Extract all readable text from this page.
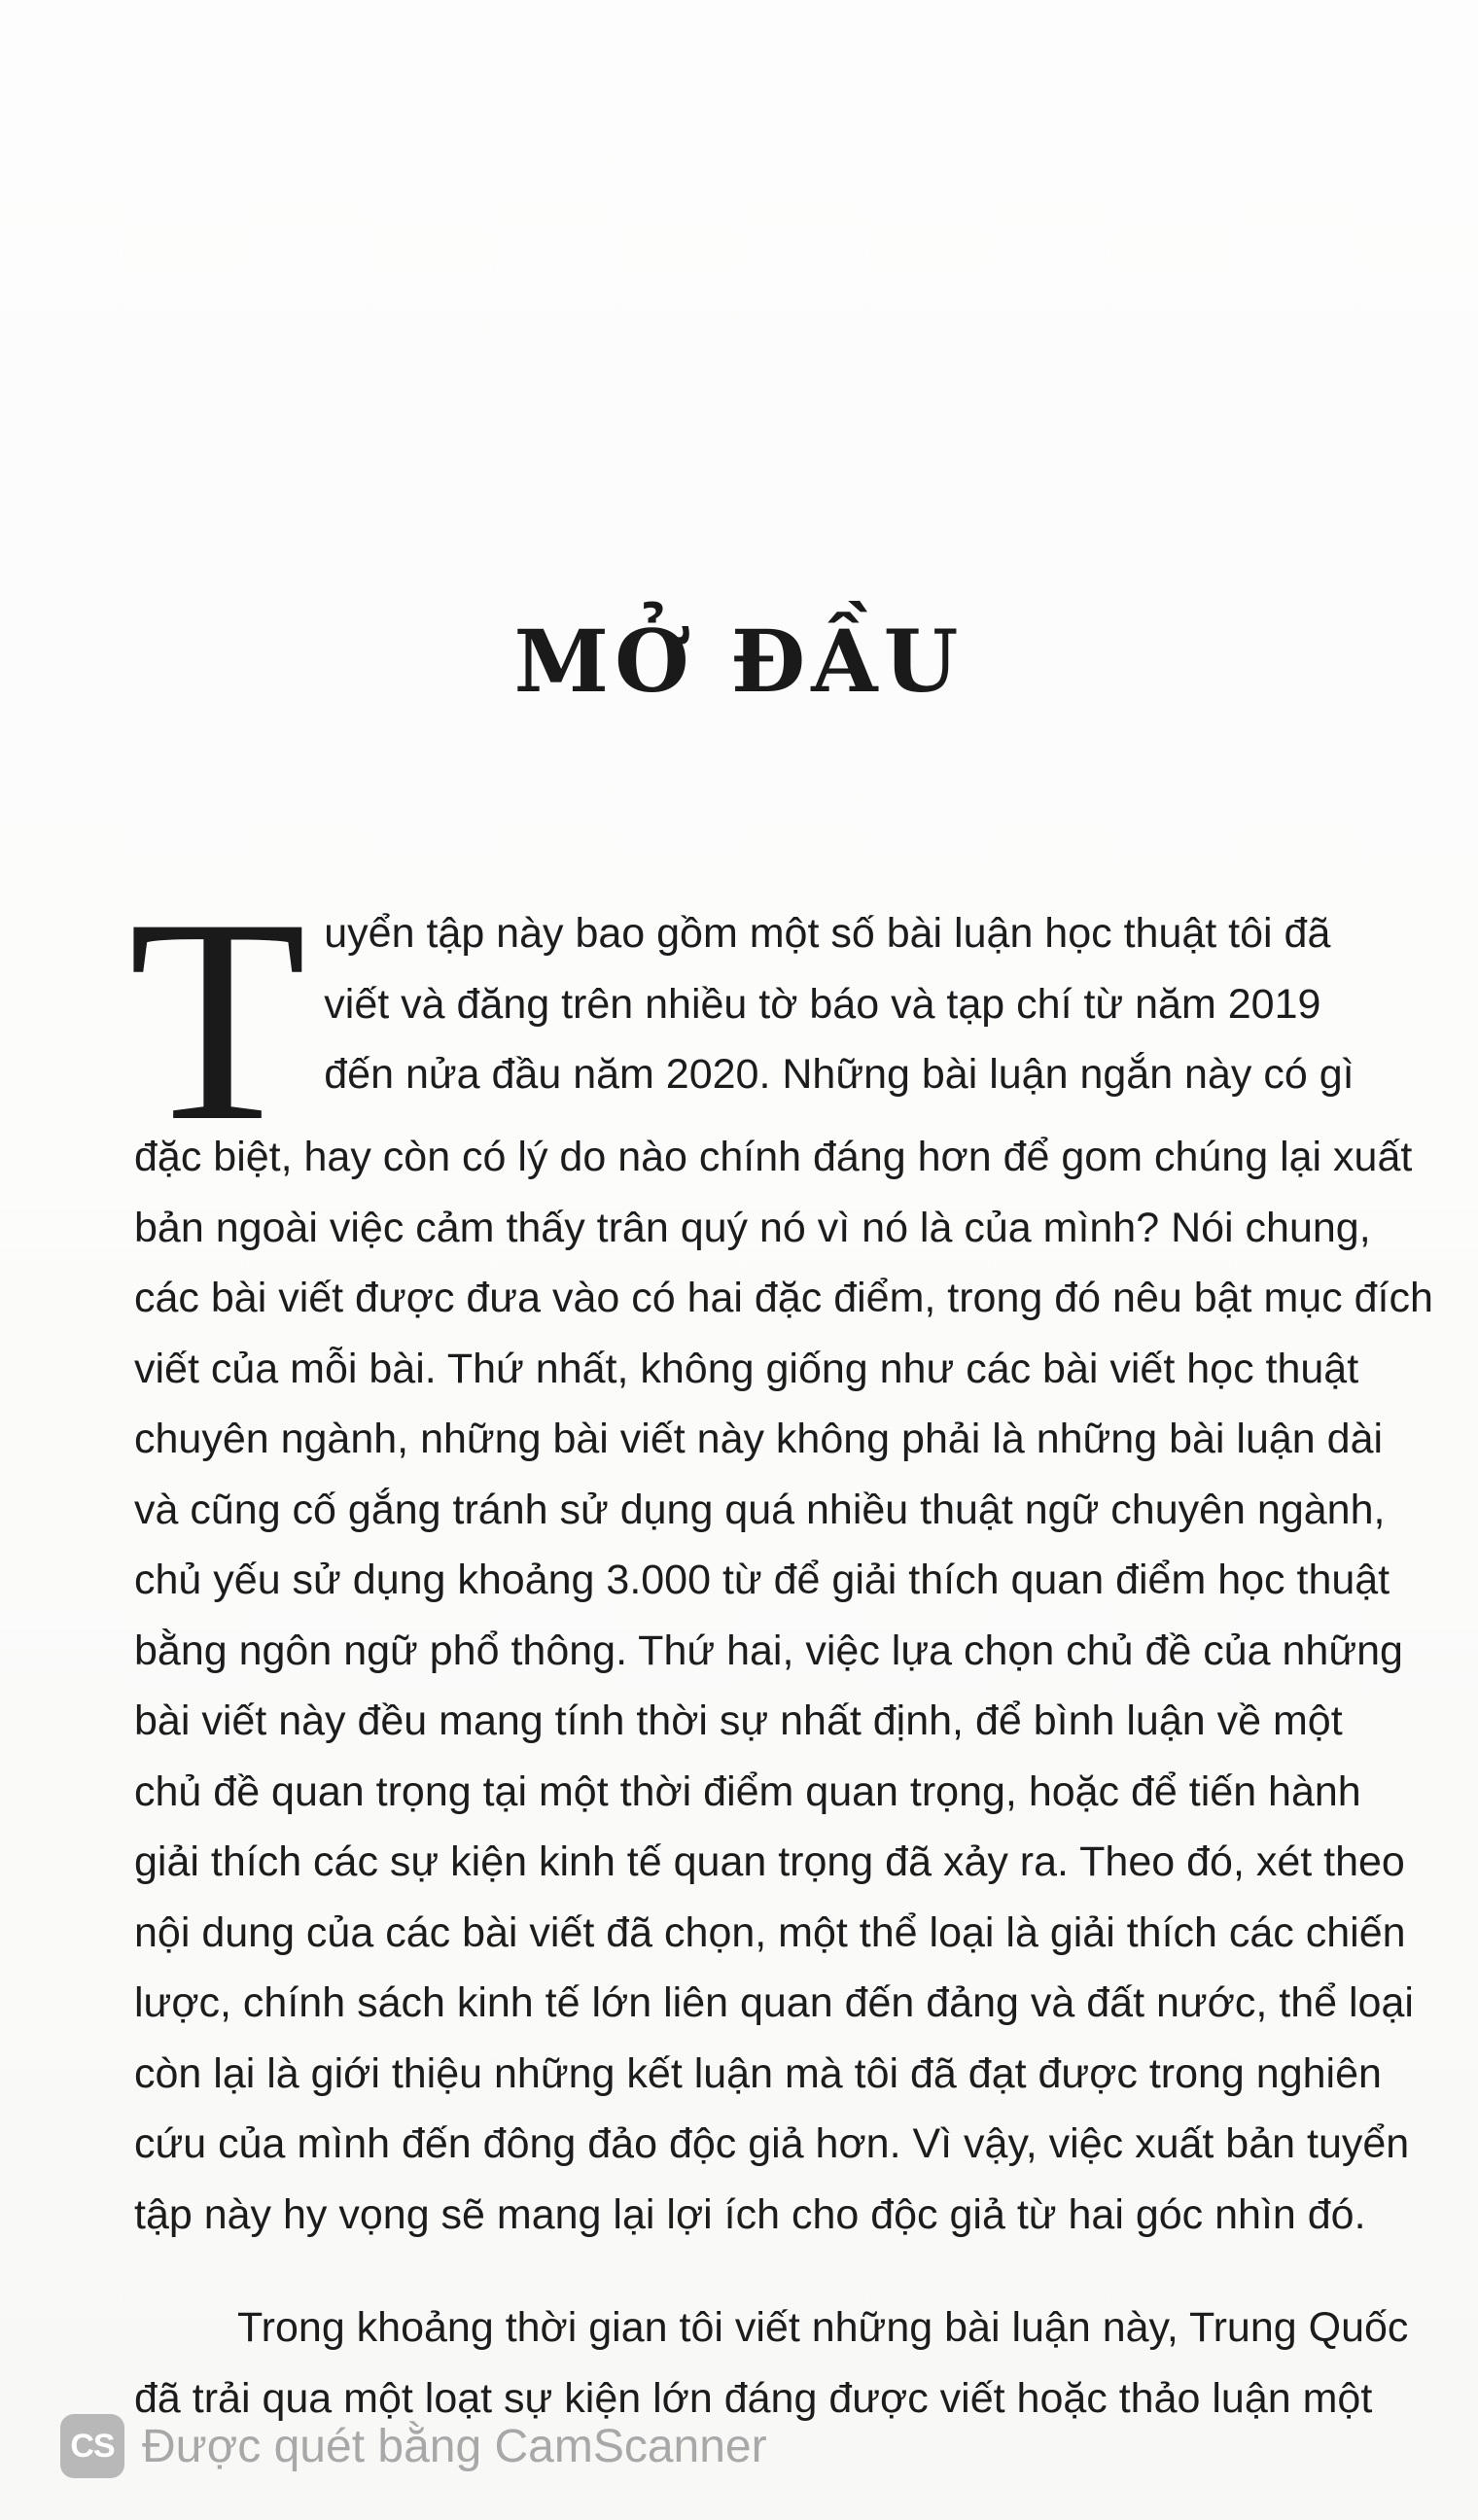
MỞ ĐẦU
T uyển tập này bao gồm một số bài luận học thuật tôi đã
viết và đăng trên nhiều tờ báo và tạp chí từ năm 2019
đến nửa đầu năm 2020. Những bài luận ngắn này có gì
đặc biệt, hay còn có lý do nào chính đáng hơn để gom chúng lại xuất
bản ngoài việc cảm thấy trân quý nó vì nó là của mình? Nói chung,
các bài viết được đưa vào có hai đặc điểm, trong đó nêu bật mục đích
viết của mỗi bài. Thứ nhất, không giống như các bài viết học thuật
chuyên ngành, những bài viết này không phải là những bài luận dài
và cũng cố gắng tránh sử dụng quá nhiều thuật ngữ chuyên ngành,
chủ yếu sử dụng khoảng 3.000 từ để giải thích quan điểm học thuật
bằng ngôn ngữ phổ thông. Thứ hai, việc lựa chọn chủ đề của những
bài viết này đều mang tính thời sự nhất định, để bình luận về một
chủ đề quan trọng tại một thời điểm quan trọng, hoặc để tiến hành
giải thích các sự kiện kinh tế quan trọng đã xảy ra. Theo đó, xét theo
nội dung của các bài viết đã chọn, một thể loại là giải thích các chiến
lược, chính sách kinh tế lớn liên quan đến đảng và đất nước, thể loại
còn lại là giới thiệu những kết luận mà tôi đã đạt được trong nghiên
cứu của mình đến đông đảo độc giả hơn. Vì vậy, việc xuất bản tuyển
tập này hy vọng sẽ mang lại lợi ích cho độc giả từ hai góc nhìn đó.
Trong khoảng thời gian tôi viết những bài luận này, Trung Quốc
đã trải qua một loạt sự kiện lớn đáng được viết hoặc thảo luận một
CS Được quét bằng CamScanner
